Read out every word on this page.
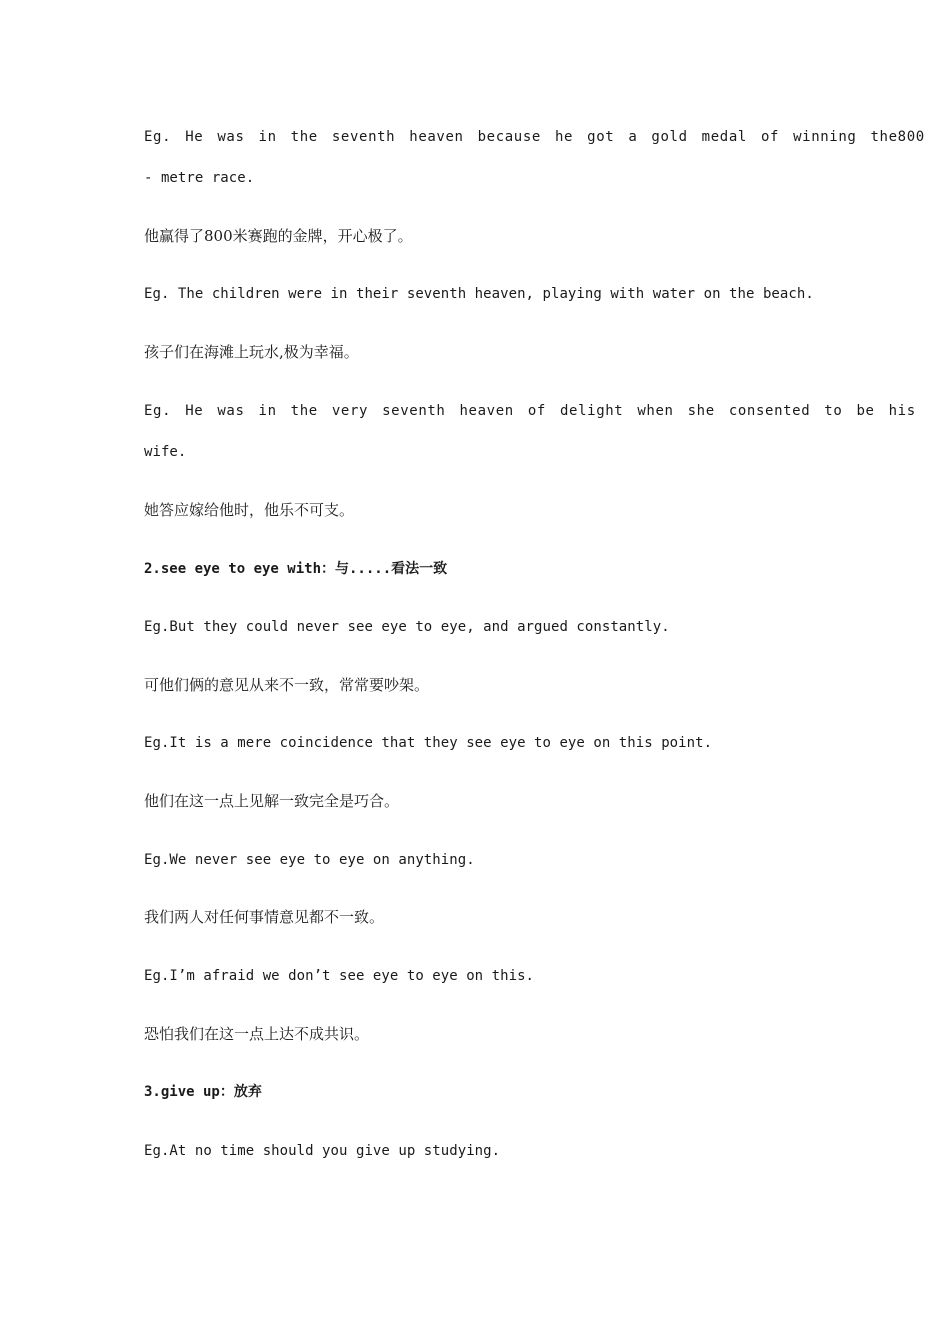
Eg. He was in the seventh heaven because he got a gold medal of winning the800
- metre race.
他赢得了800米赛跑的金牌，开心极了。
Eg. The children were in their seventh heaven, playing with water on the beach.
孩子们在海滩上玩水,极为幸福。
Eg. He was in the very seventh heaven of delight when she consented to be his
wife.
她答应嫁给他时，他乐不可支。
2.see eye to eye with：与.....看法一致
Eg.But they could never see eye to eye, and argued constantly.
可他们俩的意见从来不一致，常常要吵架。
Eg.It is a mere coincidence that they see eye to eye on this point.
他们在这一点上见解一致完全是巧合。
Eg.We never see eye to eye on anything.
我们两人对任何事情意见都不一致。
Eg.I’m afraid we don’t see eye to eye on this.
恐怕我们在这一点上达不成共识。
3.give up：放弃
Eg.At no time should you give up studying.
